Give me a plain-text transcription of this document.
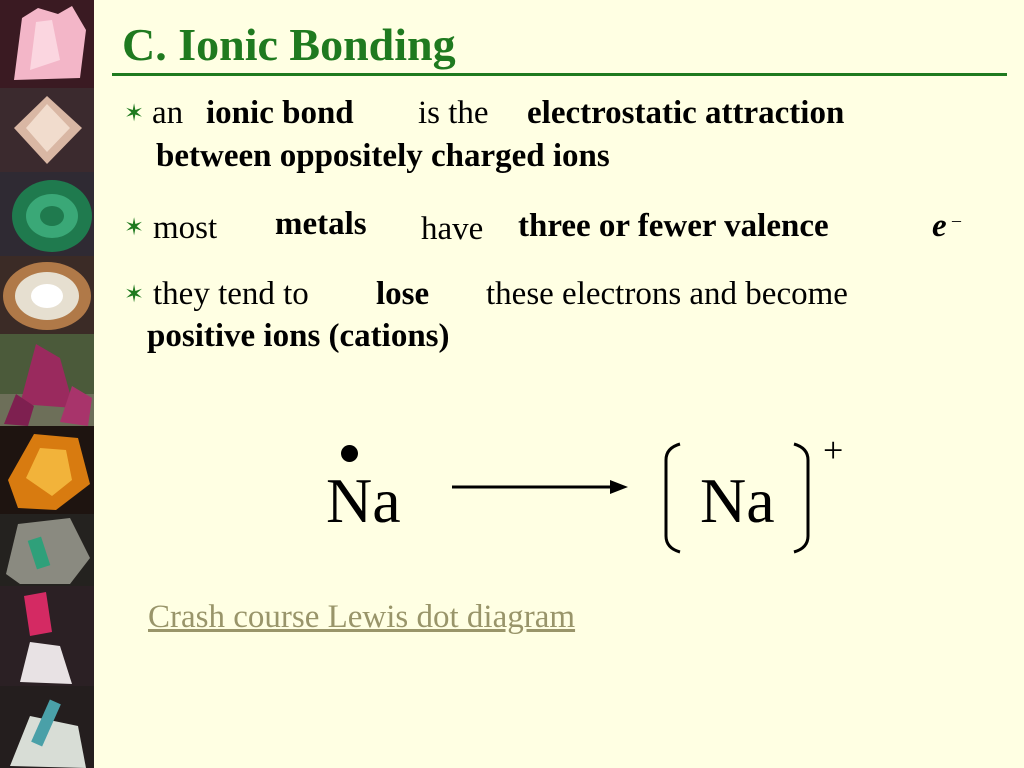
C. Ionic Bonding
✶ an ionic bond is the electrostatic attraction
between oppositely charged ions
✶ most metals have three or fewer valence	e –
✶ they tend to lose these electrons and become
positive ions (cations)
Na	Na
+
Crash course Lewis dot diagram
